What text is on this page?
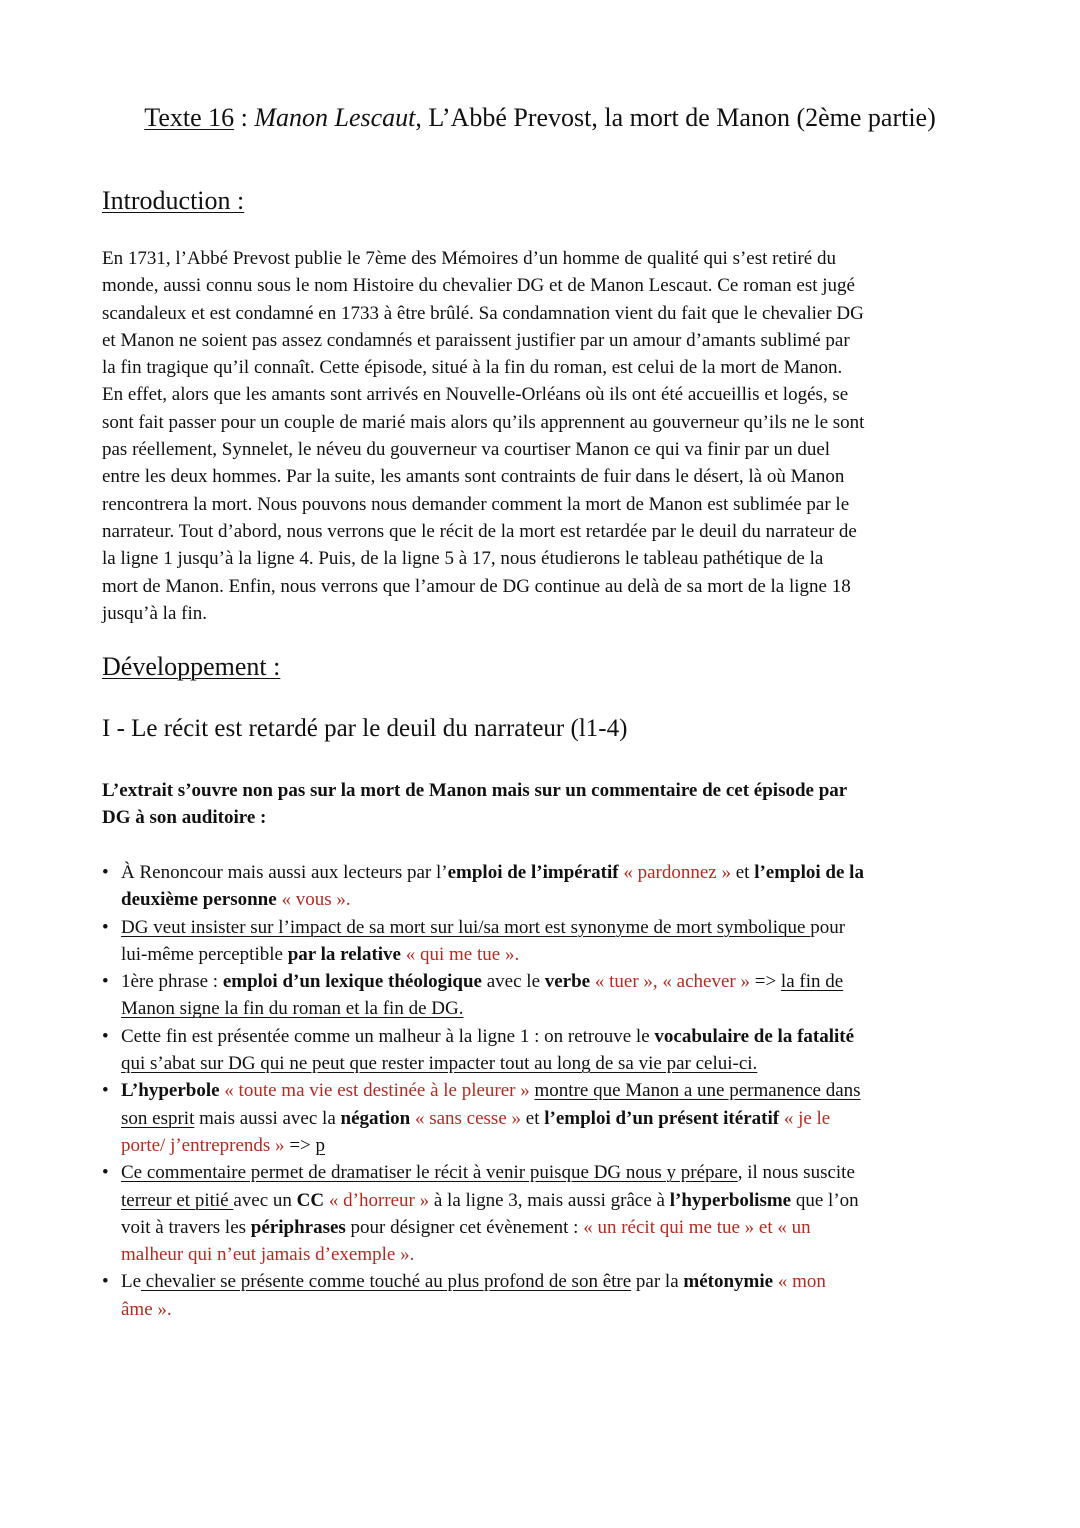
Texte 16 : Manon Lescaut, L’Abbé Prevost, la mort de Manon (2ème partie)
Introduction :
En 1731, l’Abbé Prevost publie le 7ème des Mémoires d’un homme de qualité qui s’est retiré du
monde, aussi connu sous le nom Histoire du chevalier DG et de Manon Lescaut. Ce roman est jugé
scandaleux et est condamné en 1733 à être brûlé. Sa condamnation vient du fait que le chevalier DG
et Manon ne soient pas assez condamnés et paraissent justifier par un amour d’amants sublimé par
la fin tragique qu’il connaît. Cette épisode, situé à la fin du roman, est celui de la mort de Manon.
En effet, alors que les amants sont arrivés en Nouvelle-Orléans où ils ont été accueillis et logés, se
sont fait passer pour un couple de marié mais alors qu’ils apprennent au gouverneur qu’ils ne le sont
pas réellement, Synnelet, le néveu du gouverneur va courtiser Manon ce qui va finir par un duel
entre les deux hommes. Par la suite, les amants sont contraints de fuir dans le désert, là où Manon
rencontrera la mort. Nous pouvons nous demander comment la mort de Manon est sublimée par le
narrateur. Tout d’abord, nous verrons que le récit de la mort est retardée par le deuil du narrateur de
la ligne 1 jusqu’à la ligne 4. Puis, de la ligne 5 à 17, nous étudierons le tableau pathétique de la
mort de Manon. Enfin, nous verrons que l’amour de DG continue au delà de sa mort de la ligne 18
jusqu’à la fin.
Développement :
I - Le récit est retardé par le deuil du narrateur (l1-4)
L’extrait s’ouvre non pas sur la mort de Manon mais sur un commentaire de cet épisode par
DG à son auditoire :
• À Renoncour mais aussi aux lecteurs par l’emploi de l’impératif « pardonnez » et l’emploi de la
deuxième personne « vous ».
• DG veut insister sur l’impact de sa mort sur lui/sa mort est synonyme de mort symbolique pour
lui-même perceptible par la relative « qui me tue ».
• 1ère phrase : emploi d’un lexique théologique avec le verbe « tuer », « achever » => la fin de
Manon signe la fin du roman et la fin de DG.
• Cette fin est présentée comme un malheur à la ligne 1 : on retrouve le vocabulaire de la fatalité
qui s’abat sur DG qui ne peut que rester impacter tout au long de sa vie par celui-ci.
• L’hyperbole « toute ma vie est destinée à le pleurer » montre que Manon a une permanence dans
son esprit mais aussi avec la négation « sans cesse » et l’emploi d’un présent itératif « je le
porte/ j’entreprends » => p
• Ce commentaire permet de dramatiser le récit à venir puisque DG nous y prépare, il nous suscite
terreur et pitié avec un CC « d’horreur » à la ligne 3, mais aussi grâce à l’hyperbolisme que l’on
voit à travers les périphrases pour désigner cet évènement : « un récit qui me tue » et « un
malheur qui n’eut jamais d’exemple ».
• Le chevalier se présente comme touché au plus profond de son être par la métonymie « mon
âme ».
